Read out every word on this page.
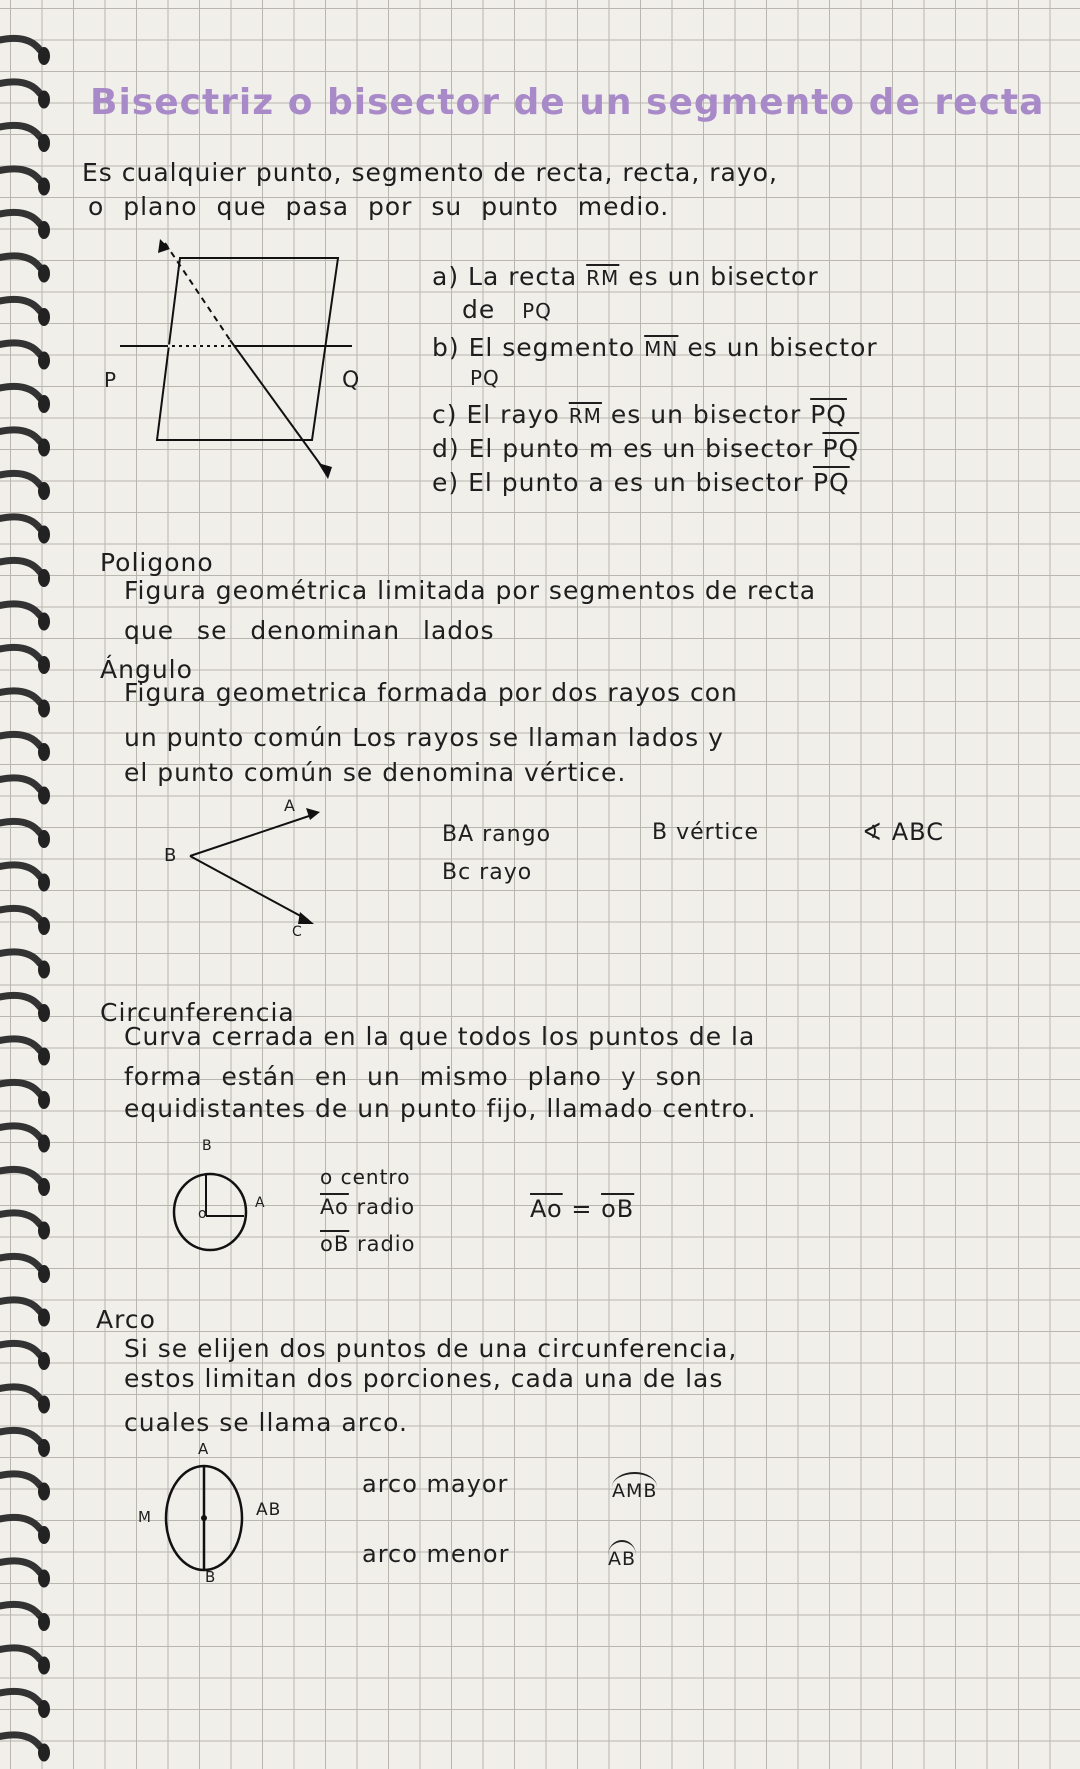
Bisectriz o bisector de un segmento de recta
Es cualquier punto, segmento de recta, recta, rayo,
o plano que pasa por su punto medio.
P	Q
a) La recta $\overline{RM}$ es un bisector
de PQ
b) El segmento $\overline{MN}$ es un bisector
PQ
c) El rayo $\overline{RM}$ es un bisector $\overline{PQ}$
d) El punto m es un bisector $\overline{PQ}$
e) El punto a es un bisector $\overline{PQ}$
Poligono
Figura geométrica limitada por segmentos de recta
que se denominan lados
Ángulo
Figura geometrica formada por dos rayos con
un punto común Los rayos se llaman lados y
el punto común se denomina vértice.
A
B
C
BA rango
Bc rayo
B vértice	∢ ABC
Circunferencia
Curva cerrada en la que todos los puntos de la
forma están en un mismo plano y son
equidistantes de un punto fijo, llamado centro.
B
A
o
o centro
$\overline{Ao}$ radio
$\overline{oB}$ radio
$\overline{Ao} = \overline{oB}$
Arco
Si se elijen dos puntos de una circunferencia,
estos limitan dos porciones, cada una de las
cuales se llama arco.
A
M
B
AB
arco mayor	AMB
arco menor	AB
